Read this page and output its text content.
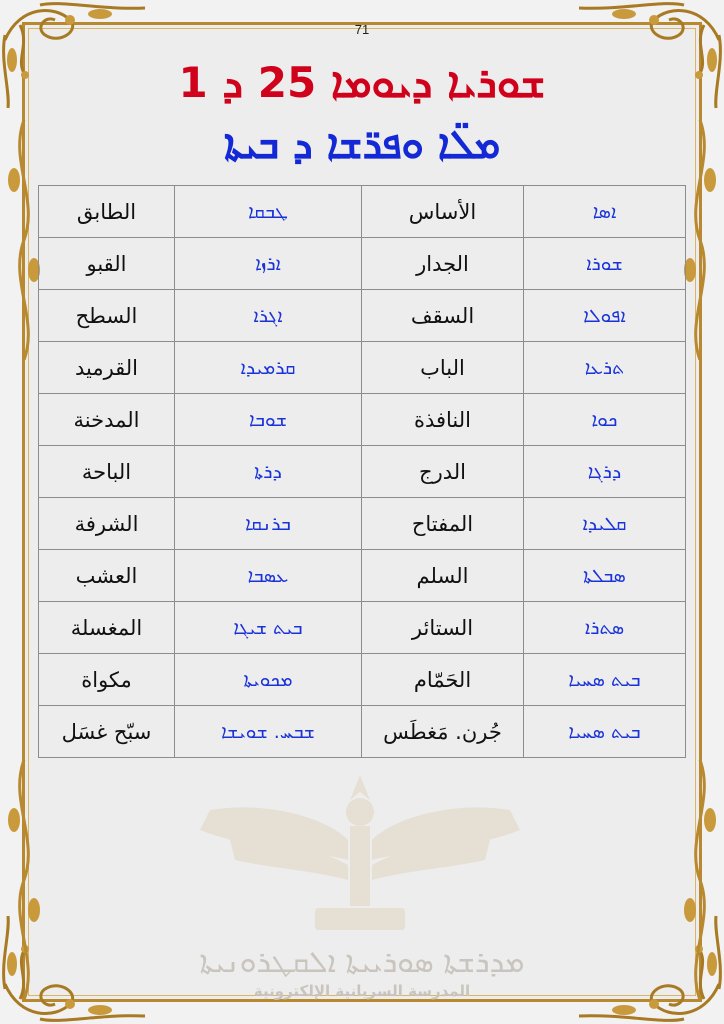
71
ܫܘܪܝܐ ܕܝܘܡܐ 25 ܕ 1
ܡܠ̈ܐ ܘܦܪ̈ܫܐ ܕ ܒܝܬܐ
الطابق	ܛܒܩܐ	الأساس	ܐܣܐ
القبو	ܐܪܙܐ	الجدار	ܫܘܪܐ
السطح	ܐܓܪܐ	السقف	ܐܦܘܠܐ
القرميد	ܩܪܡܝܕܐ	الباب	ܬܪܥܐ
المدخنة	ܫܘܒܐ	النافذة	ܟܘܐ
الباحة	ܕܪܬܐ	الدرج	ܕܪܓܐ
الشرفة	ܒܪܢܩܐ	المفتاح	ܩܠܝܕܐ
العشب	ܥܣܒܐ	السلم	ܣܒܠܬܐ
المغسلة	ܒܝܬ ܫܝܓܐ	الستائر	ܣܬܪܐ
مكواة	ܡܟܘܝܬܐ	الحَمّام	ܒܝܬ ܣܚܝܐ
سبّح غسَل	ܫܒܚ. ܫܘܝܫܐ	جُرن. مَغطَس	ܒܝܬ ܣܚܝܐ
ܡܕܪܫܬܐ ܣܘܪܝܝܬܐ ܐܠܩܛܪܘܢܝܬܐ
المدرسة السريانية الإلكترونية
